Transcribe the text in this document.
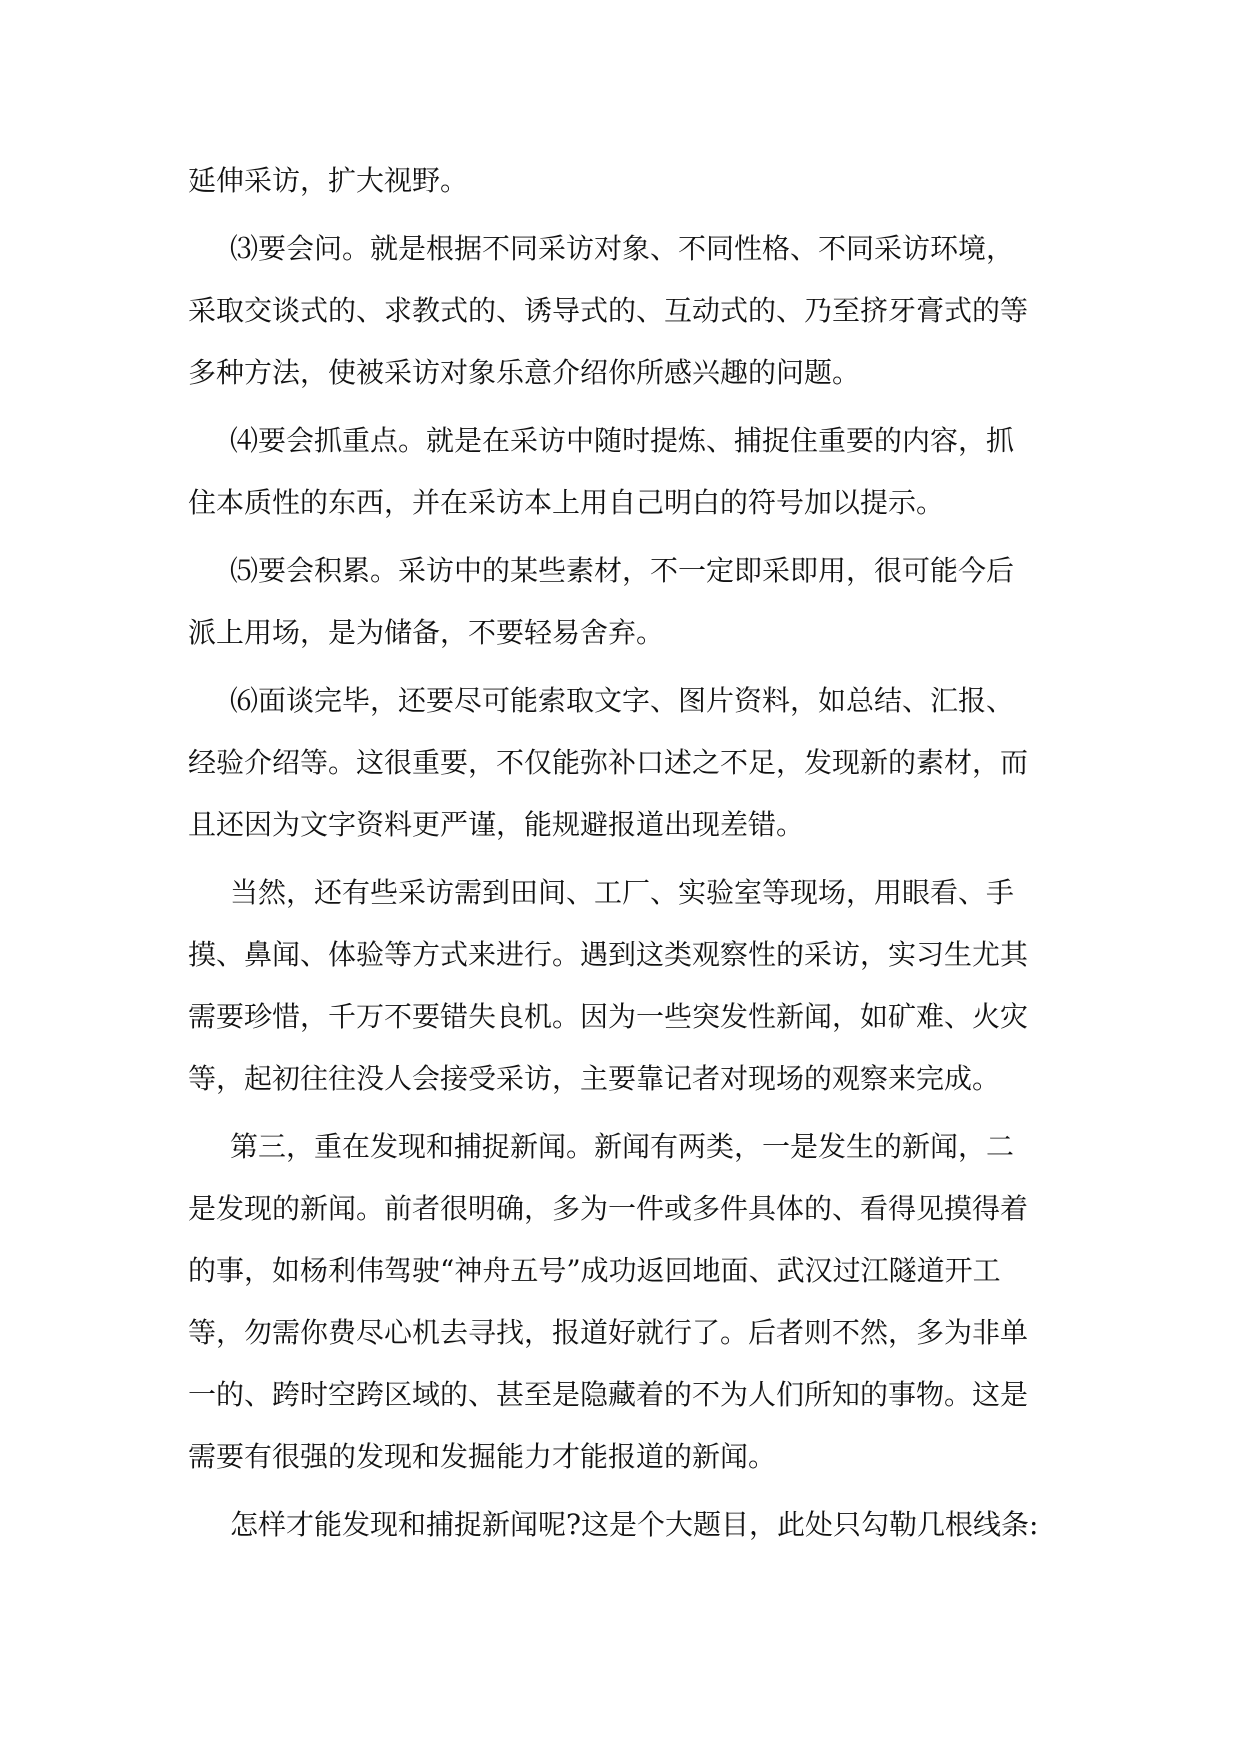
延伸采访，扩大视野。
⑶要会问。就是根据不同采访对象、不同性格、不同采访环境，
采取交谈式的、求教式的、诱导式的、互动式的、乃至挤牙膏式的等
多种方法，使被采访对象乐意介绍你所感兴趣的问题。
⑷要会抓重点。就是在采访中随时提炼、捕捉住重要的内容，抓
住本质性的东西，并在采访本上用自己明白的符号加以提示。
⑸要会积累。采访中的某些素材，不一定即采即用，很可能今后
派上用场，是为储备，不要轻易舍弃。
⑹面谈完毕，还要尽可能索取文字、图片资料，如总结、汇报、
经验介绍等。这很重要，不仅能弥补口述之不足，发现新的素材，而
且还因为文字资料更严谨，能规避报道出现差错。
当然，还有些采访需到田间、工厂、实验室等现场，用眼看、手
摸、鼻闻、体验等方式来进行。遇到这类观察性的采访，实习生尤其
需要珍惜，千万不要错失良机。因为一些突发性新闻，如矿难、火灾
等，起初往往没人会接受采访，主要靠记者对现场的观察来完成。
第三，重在发现和捕捉新闻。新闻有两类，一是发生的新闻，二
是发现的新闻。前者很明确，多为一件或多件具体的、看得见摸得着
的事，如杨利伟驾驶“神舟五号”成功返回地面、武汉过江隧道开工
等，勿需你费尽心机去寻找，报道好就行了。后者则不然，多为非单
一的、跨时空跨区域的、甚至是隐藏着的不为人们所知的事物。这是
需要有很强的发现和发掘能力才能报道的新闻。
怎样才能发现和捕捉新闻呢?这是个大题目，此处只勾勒几根线条:
